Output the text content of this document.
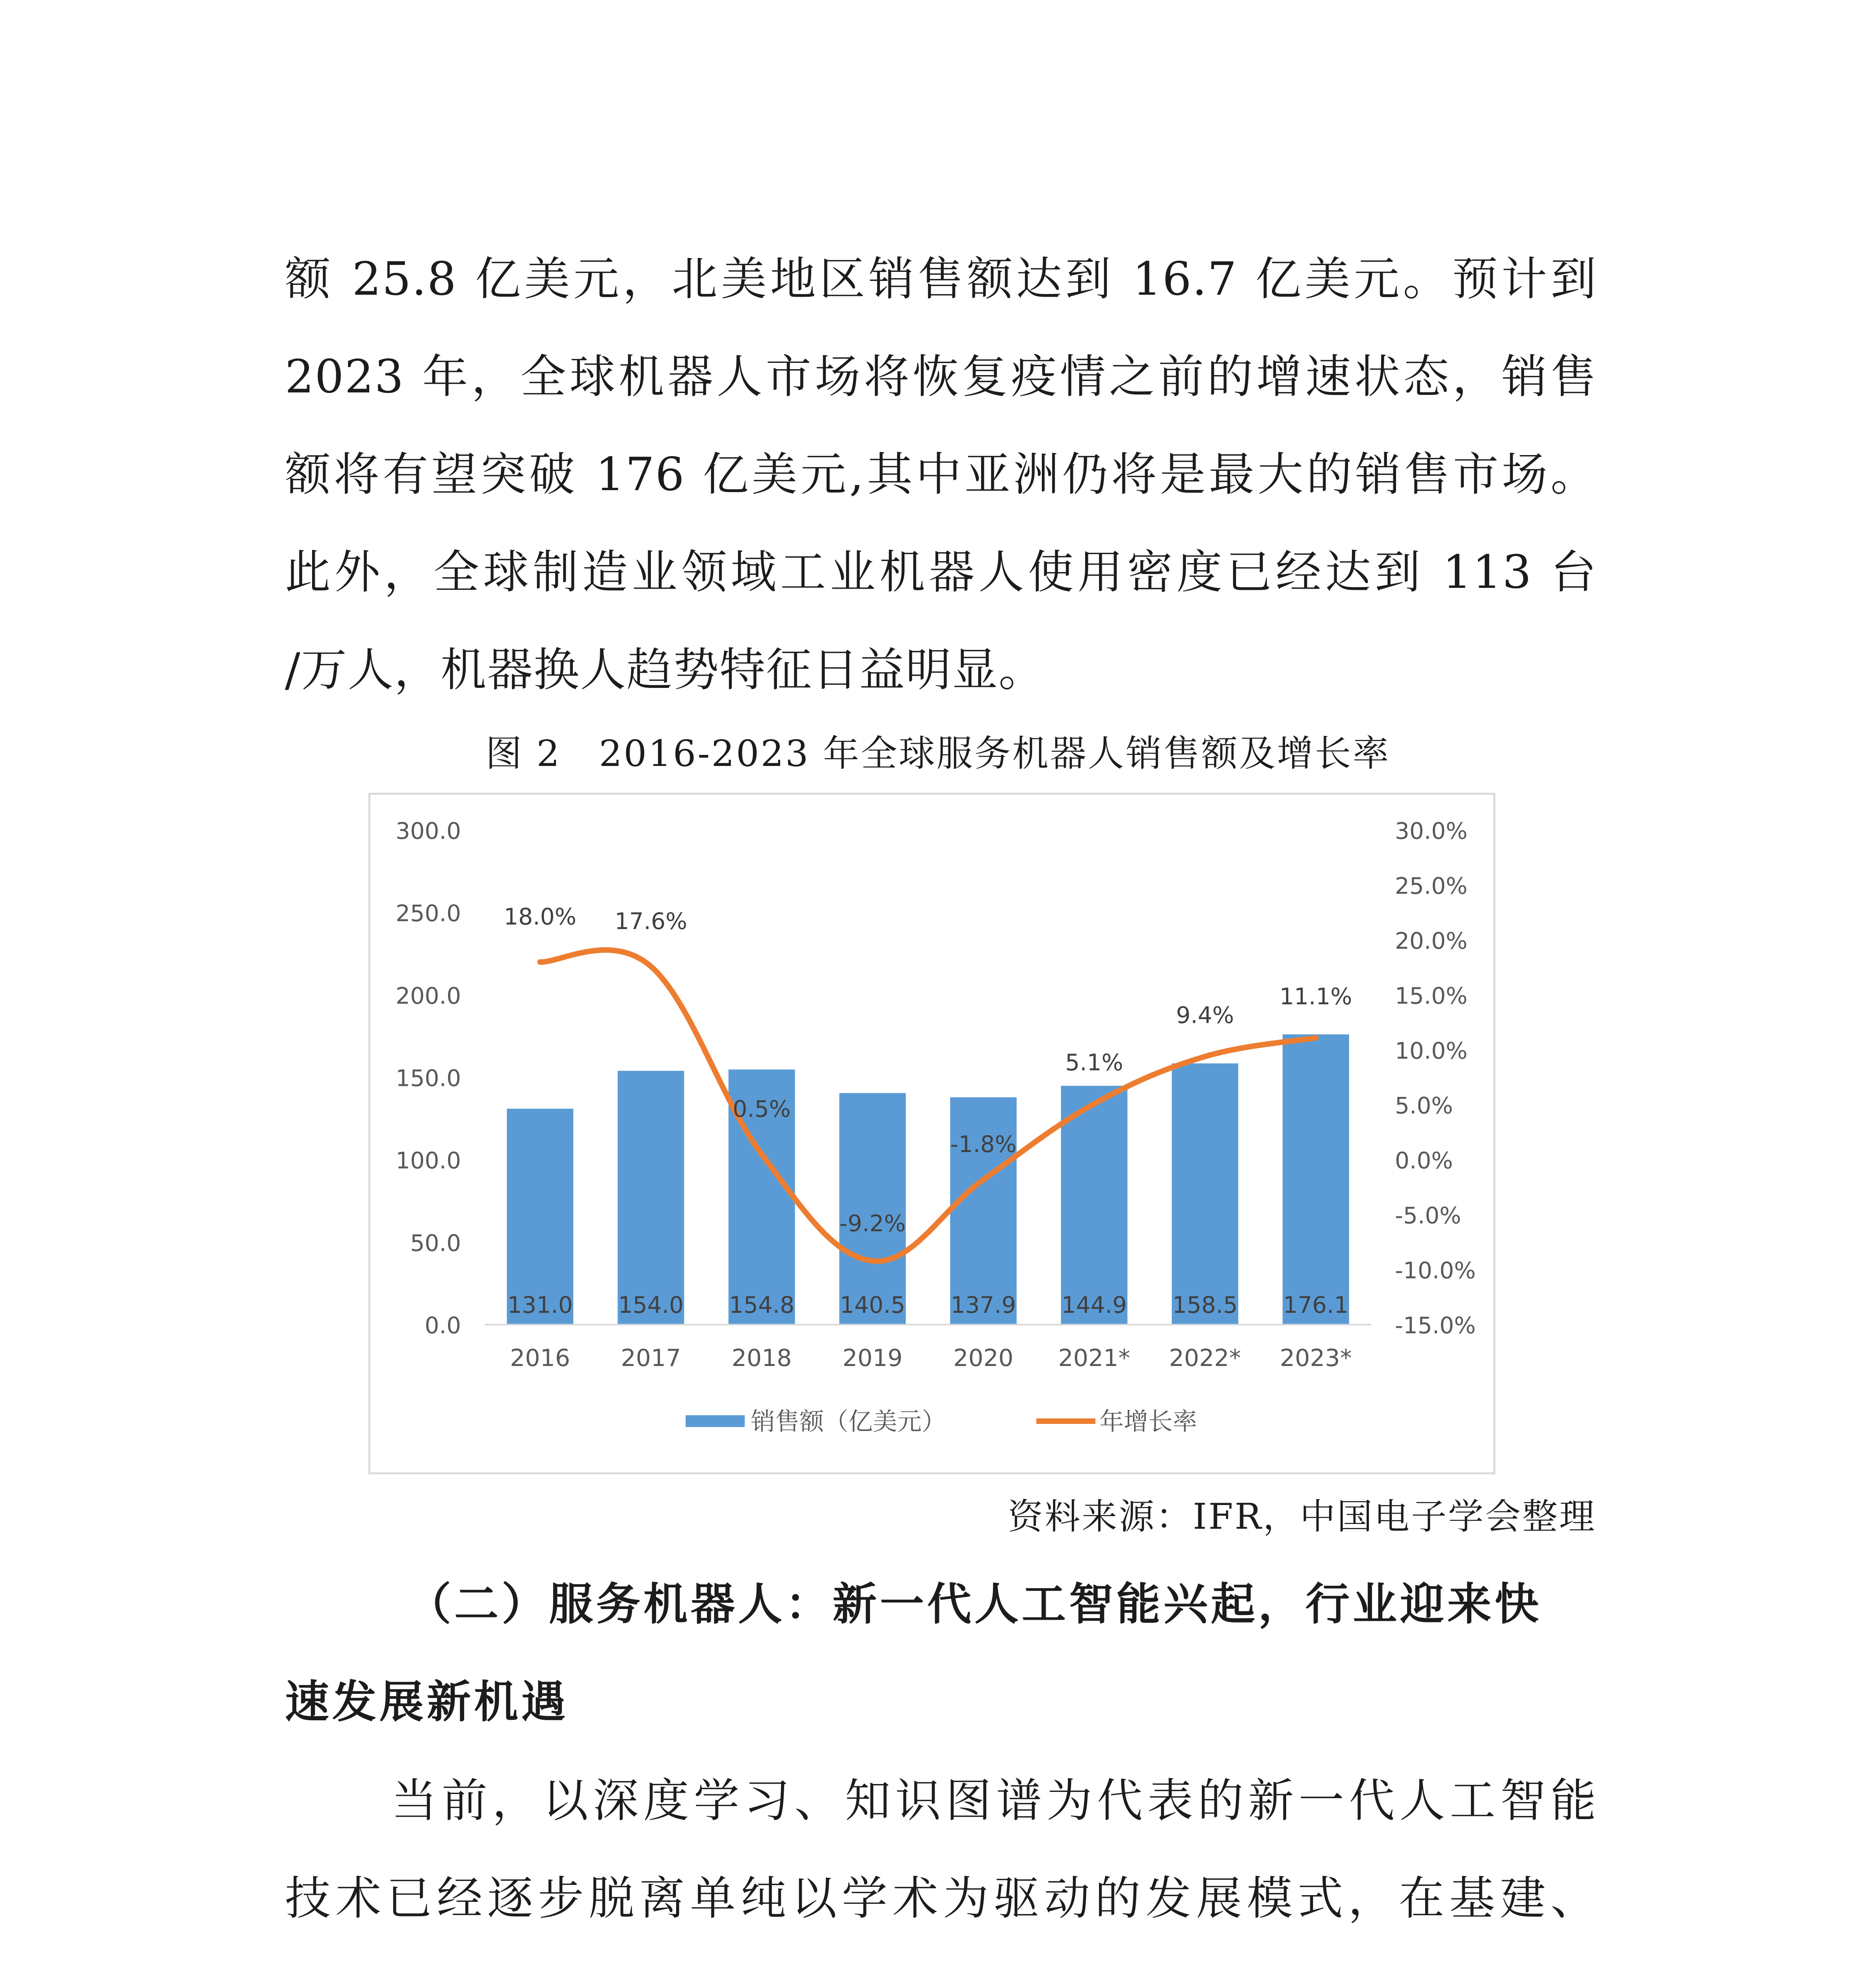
额 25.8 亿美元，北美地区销售额达到 16.7 亿美元。预计到
2023 年，全球机器人市场将恢复疫情之前的增速状态，销售
额将有望突破 176 亿美元,其中亚洲仍将是最大的销售市场。
此外，全球制造业领域工业机器人使用密度已经达到 113 台
/万人，机器换人趋势特征日益明显。
图 2　2016-2023 年全球服务机器人销售额及增长率
300.0
250.0
200.0
150.0
100.0
50.0
0.0
30.0%
25.0%
20.0%
15.0%
10.0%
5.0%
0.0%
-5.0%
-10.0%
-15.0%
131.0 154.0 154.8 140.5 137.9 144.9 158.5 176.1
18.0% 17.6%
0.5%
-9.2%
-1.8%
5.1%
9.4%
11.1%
2016 2017 2018 2019 2020 2021* 2022* 2023*
销售额（亿美元）	年增长率
资料来源：IFR，中国电子学会整理
（二）服务机器人：新一代人工智能兴起，行业迎来快
速发展新机遇
当前，以深度学习、知识图谱为代表的新一代人工智能
技术已经逐步脱离单纯以学术为驱动的发展模式，在基建、
